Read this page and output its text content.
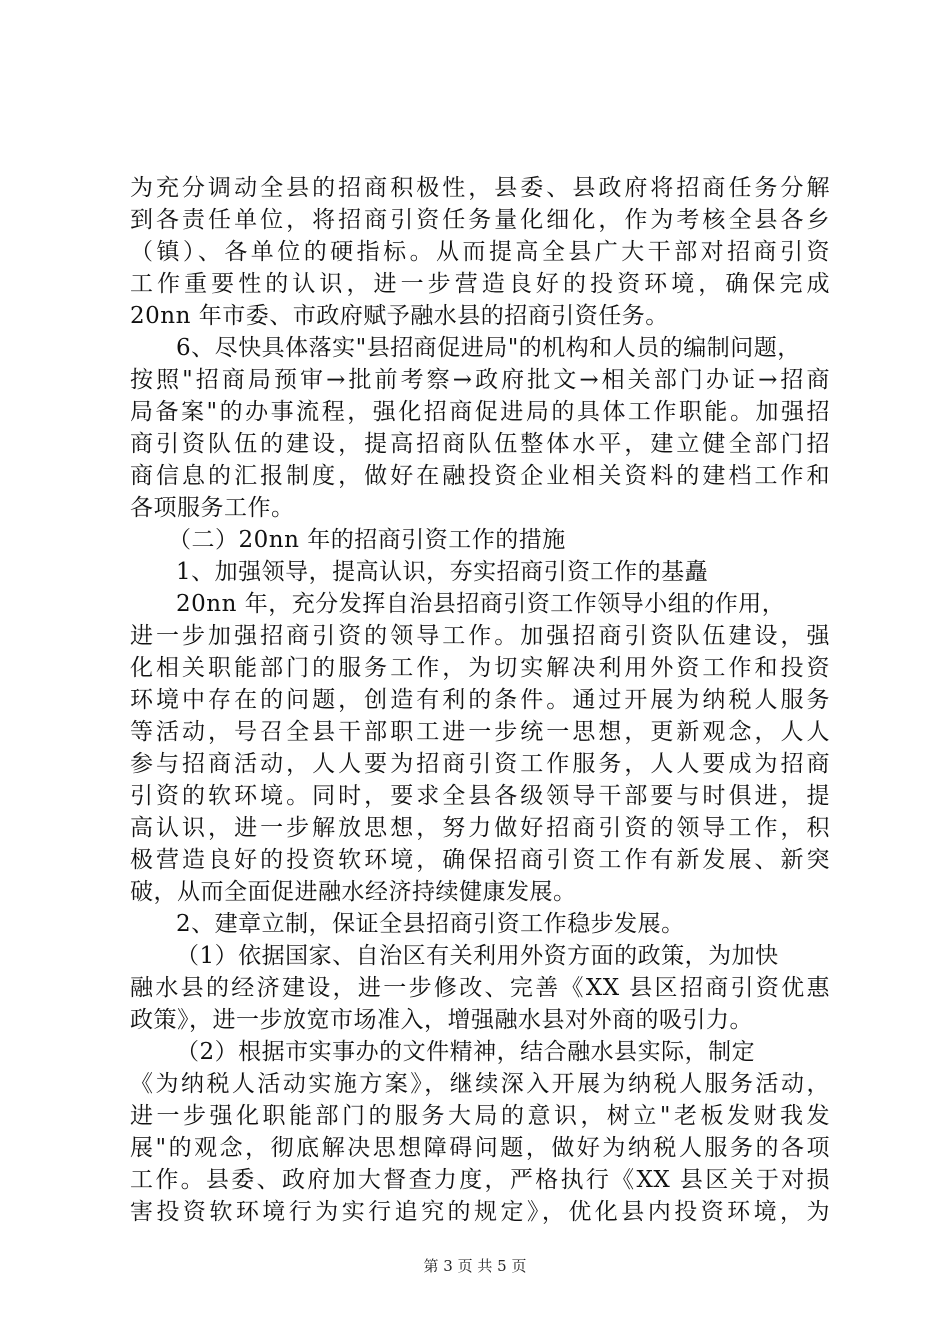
为充分调动全县的招商积极性，县委、县政府将招商任务分解
到各责任单位，将招商引资任务量化细化，作为考核全县各乡
（镇）、各单位的硬指标。从而提高全县广大干部对招商引资
工作重要性的认识，进一步营造良好的投资环境，确保完成
20nn 年市委、市政府赋予融水县的招商引资任务。
6、尽快具体落实"县招商促进局"的机构和人员的编制问题，
按照"招商局预审→批前考察→政府批文→相关部门办证→招商
局备案"的办事流程，强化招商促进局的具体工作职能。加强招
商引资队伍的建设，提高招商队伍整体水平，建立健全部门招
商信息的汇报制度，做好在融投资企业相关资料的建档工作和
各项服务工作。
（二）20nn 年的招商引资工作的措施
1、加强领导，提高认识，夯实招商引资工作的基矗
20nn 年，充分发挥自治县招商引资工作领导小组的作用，
进一步加强招商引资的领导工作。加强招商引资队伍建设，强
化相关职能部门的服务工作，为切实解决利用外资工作和投资
环境中存在的问题，创造有利的条件。通过开展为纳税人服务
等活动，号召全县干部职工进一步统一思想，更新观念，人人
参与招商活动，人人要为招商引资工作服务，人人要成为招商
引资的软环境。同时，要求全县各级领导干部要与时俱进，提
高认识，进一步解放思想，努力做好招商引资的领导工作，积
极营造良好的投资软环境，确保招商引资工作有新发展、新突
破，从而全面促进融水经济持续健康发展。
2、建章立制，保证全县招商引资工作稳步发展。
（1）依据国家、自治区有关利用外资方面的政策，为加快
融水县的经济建设，进一步修改、完善《XX 县区招商引资优惠
政策》，进一步放宽市场准入，增强融水县对外商的吸引力。
（2）根据市实事办的文件精神，结合融水县实际，制定
《为纳税人活动实施方案》，继续深入开展为纳税人服务活动，
进一步强化职能部门的服务大局的意识，树立"老板发财我发
展"的观念，彻底解决思想障碍问题，做好为纳税人服务的各项
工作。县委、政府加大督查力度，严格执行《XX 县区关于对损
害投资软环境行为实行追究的规定》，优化县内投资环境，为
第 3 页 共 5 页
